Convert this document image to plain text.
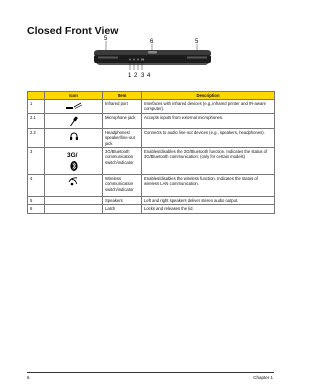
Closed Front View
5	6	5
1 2 3 4
#	Icon	Item	Description
1		Infrared port	Interfaces with infrared devices (e.g.,infrared printer and IR-aware computer).
2.1		Microphone jack	Accepts inputs from external microphones.
2.2		Headphones/ speaker/line-out jack	Connects to audio line-out devices (e.g., speakers, headphones).
3	3G/	3G/Bluetooth communication switch/indicator	Enables/disables the 3G/Bluetooth function. Indicates the status of 3G/Bluetooth communication. (only for certain models)
4		Wireless communication switch/indicator	Enables/disables the wireless function. Indicates the status of wireless LAN communication.
5		Speakers	Left and right speakers deliver stereo audio output.
6		Latch	Locks and releases the lid.
6	Chapter 1
